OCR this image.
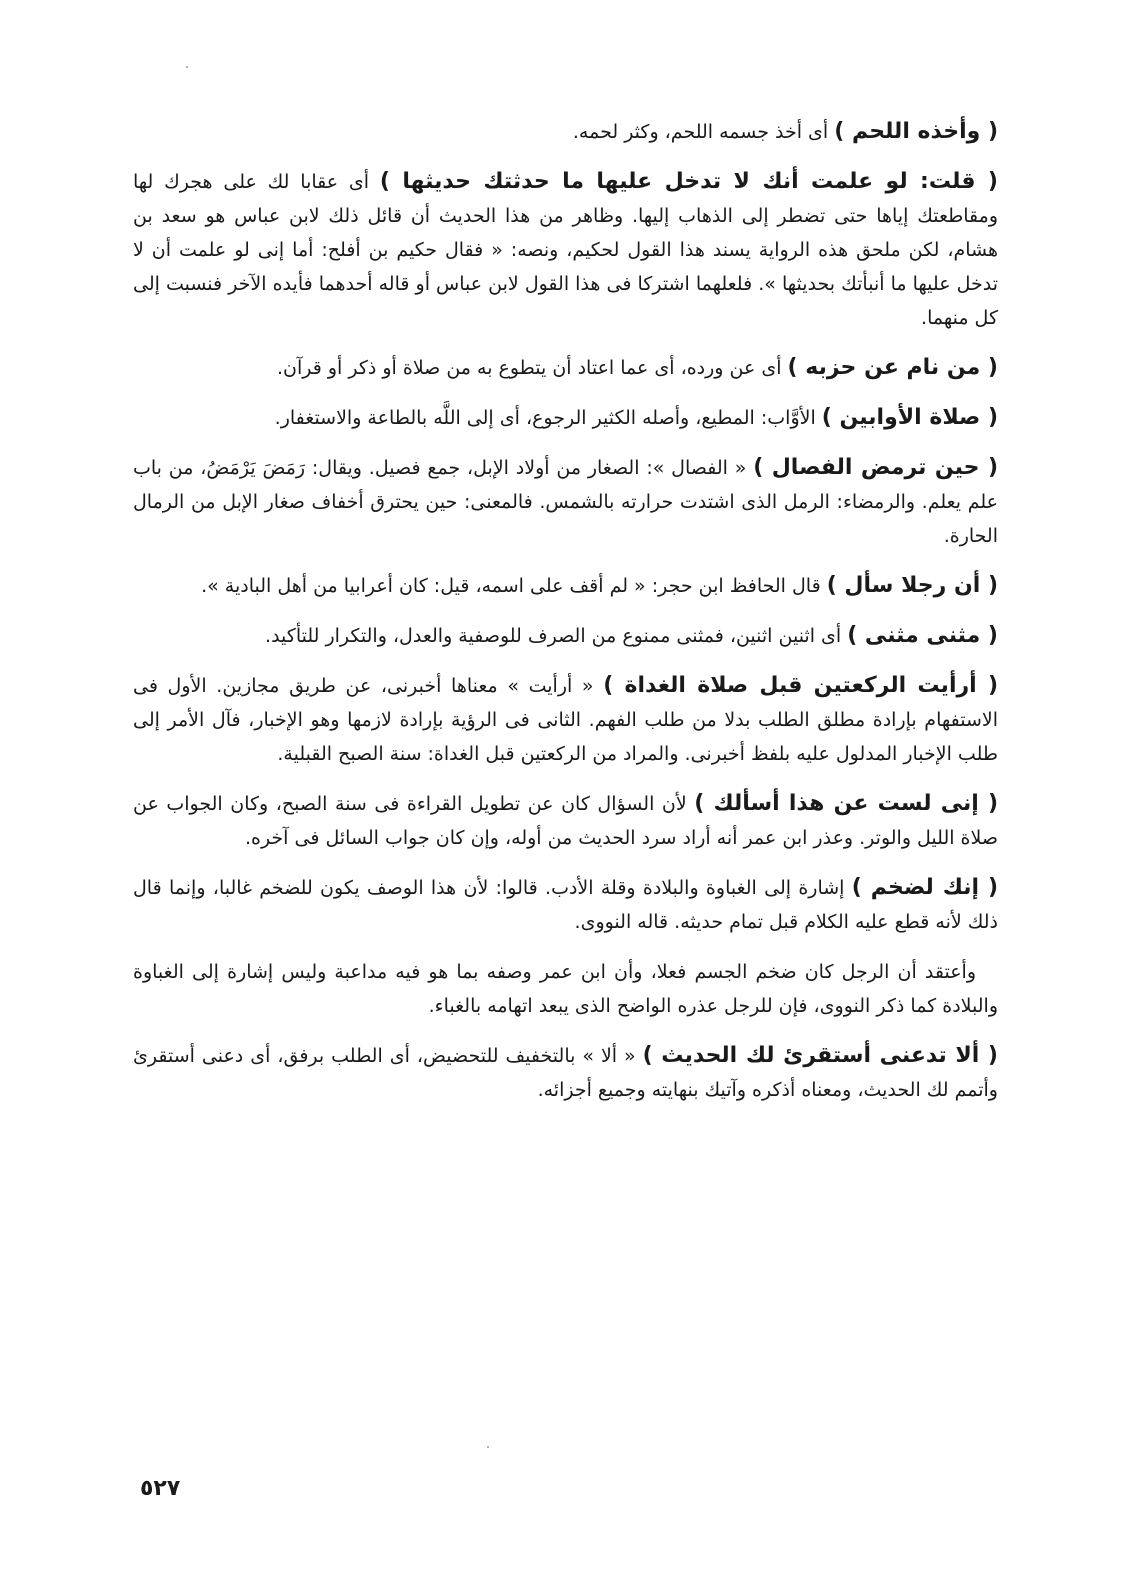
( وأخذه اللحم ) أى أخذ جسمه اللحم، وكثر لحمه.

( قلت: لو علمت أنك لا تدخل عليها ما حدثتك حديثها ) أى عقابا لك على هجرك لها ومقاطعتك إياها حتى تضطر إلى الذهاب إليها. وظاهر من هذا الحديث أن قائل ذلك لابن عباس هو سعد بن هشام، لكن ملحق هذه الرواية يسند هذا القول لحكيم، ونصه: « فقال حكيم بن أفلح: أما إنى لو علمت أن لا تدخل عليها ما أنبأتك بحديثها ». فلعلهما اشتركا فى هذا القول لابن عباس أو قاله أحدهما فأيده الآخر فنسبت إلى كل منهما.

( من نام عن حزبه ) أى عن ورده، أى عما اعتاد أن يتطوع به من صلاة أو ذكر أو قرآن.

( صلاة الأوابين ) الأوَّاب: المطيع، وأصله الكثير الرجوع، أى إلى اللَّه بالطاعة والاستغفار.

( حين ترمض الفصال ) « الفصال »: الصغار من أولاد الإبل، جمع فصيل. ويقال: رَمَضَ يَرْمَضُ، من باب علم يعلم. والرمضاء: الرمل الذى اشتدت حرارته بالشمس. فالمعنى: حين يحترق أخفاف صغار الإبل من الرمال الحارة.

( أن رجلا سأل ) قال الحافظ ابن حجر: « لم أقف على اسمه، قيل: كان أعرابيا من أهل البادية ».

( مثنى مثنى ) أى اثنين اثنين، فمثنى ممنوع من الصرف للوصفية والعدل، والتكرار للتأكيد.

( أرأيت الركعتين قبل صلاة الغداة ) « أرأيت » معناها أخبرنى، عن طريق مجازين. الأول فى الاستفهام بإرادة مطلق الطلب بدلا من طلب الفهم. الثانى فى الرؤية بإرادة لازمها وهو الإخبار، فآل الأمر إلى طلب الإخبار المدلول عليه بلفظ أخبرنى. والمراد من الركعتين قبل الغداة: سنة الصبح القبلية.

( إنى لست عن هذا أسألك ) لأن السؤال كان عن تطويل القراءة فى سنة الصبح، وكان الجواب عن صلاة الليل والوتر. وعذر ابن عمر أنه أراد سرد الحديث من أوله، وإن كان جواب السائل فى آخره.

( إنك لضخم ) إشارة إلى الغباوة والبلادة وقلة الأدب. قالوا: لأن هذا الوصف يكون للضخم غالبا، وإنما قال ذلك لأنه قطع عليه الكلام قبل تمام حديثه. قاله النووى.

وأعتقد أن الرجل كان ضخم الجسم فعلا، وأن ابن عمر وصفه بما هو فيه مداعبة وليس إشارة إلى الغباوة والبلادة كما ذكر النووى، فإن للرجل عذره الواضح الذى يبعد اتهامه بالغباء.

( ألا تدعنى أستقرئ لك الحديث ) « ألا » بالتخفيف للتحضيض، أى الطلب برفق، أى دعنى أستقرئ وأتمم لك الحديث، ومعناه أذكره وآتيك بنهايته وجميع أجزائه.

٥٢٧
